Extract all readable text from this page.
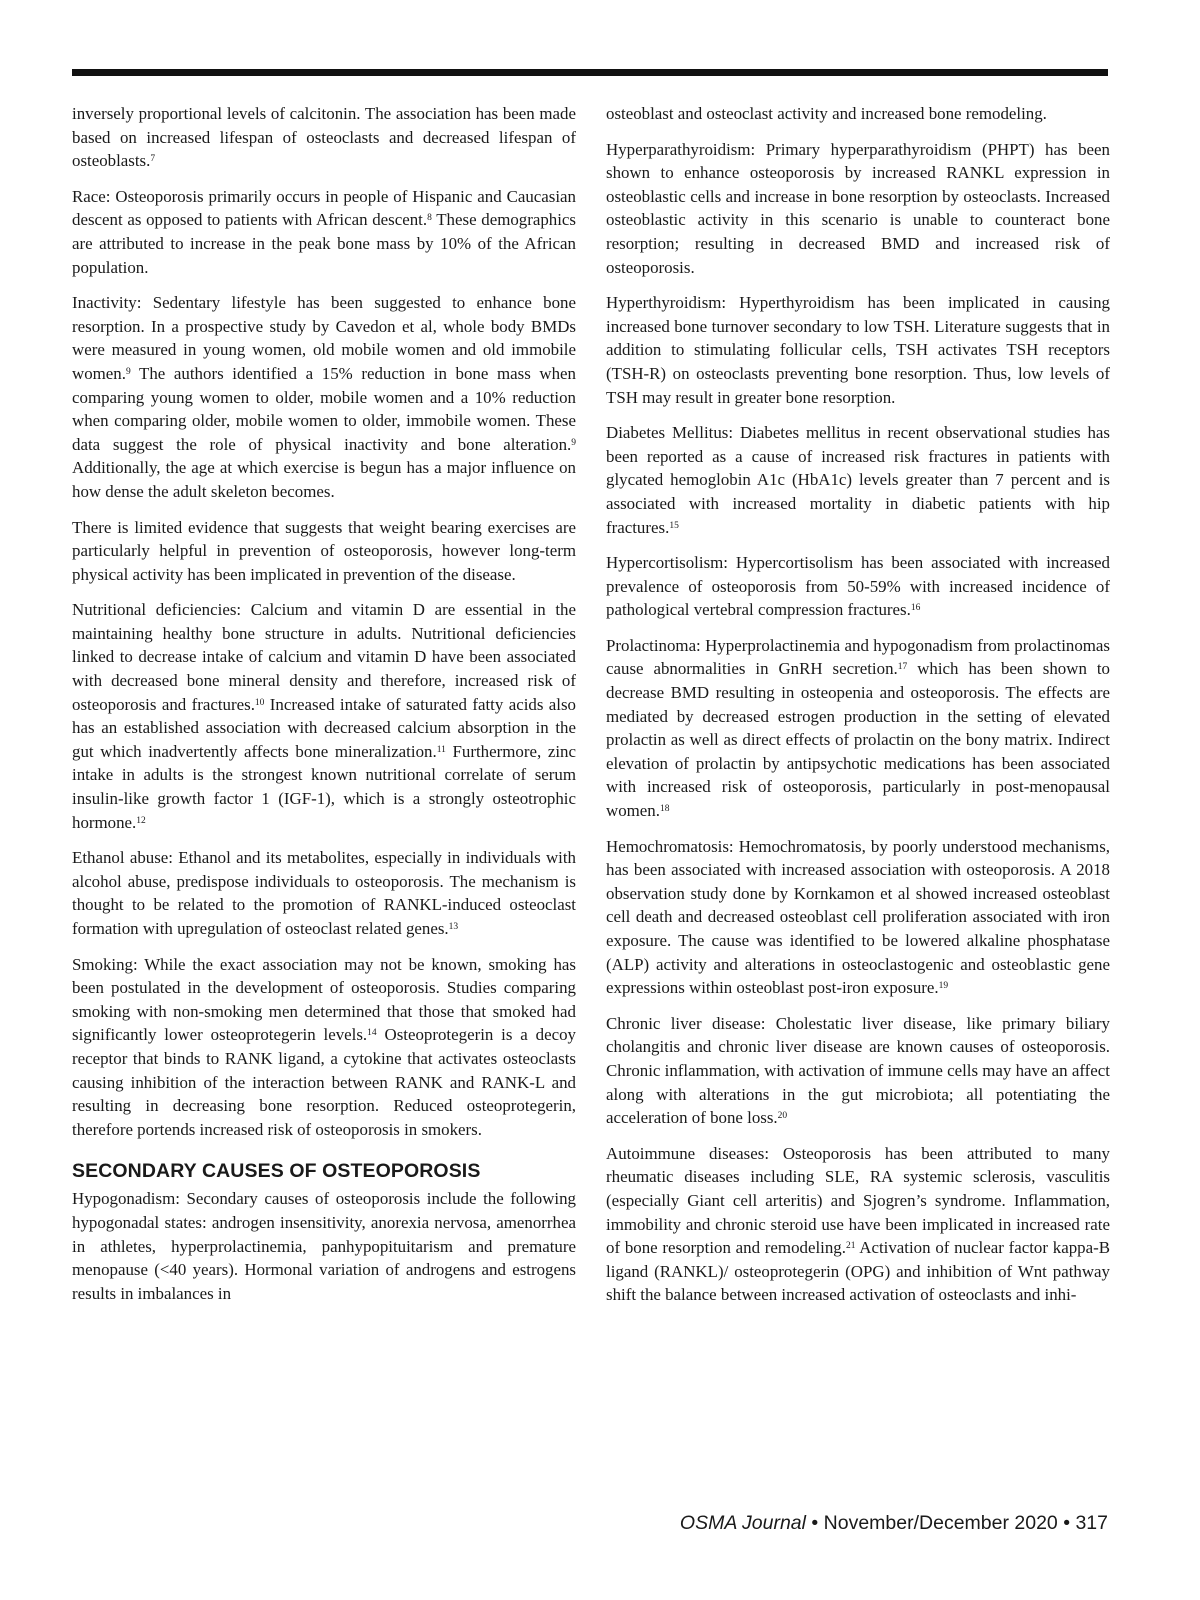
inversely proportional levels of calcitonin. The association has been made based on increased lifespan of osteoclasts and decreased lifespan of osteoblasts.$^7$

Race: Osteoporosis primarily occurs in people of Hispanic and Caucasian descent as opposed to patients with African descent.$^8$ These demographics are attributed to increase in the peak bone mass by 10% of the African population.

Inactivity: Sedentary lifestyle has been suggested to enhance bone resorption. In a prospective study by Cavedon et al, whole body BMDs were measured in young women, old mobile women and old immobile women.$^9$ The authors identified a 15% reduction in bone mass when comparing young women to older, mobile women and a 10% reduction when comparing older, mobile women to older, immobile women. These data suggest the role of physical inactivity and bone alteration.$^9$ Additionally, the age at which exercise is begun has a major influence on how dense the adult skeleton becomes.

There is limited evidence that suggests that weight bearing exercises are particularly helpful in prevention of osteoporosis, however long-term physical activity has been implicated in prevention of the disease.

Nutritional deficiencies: Calcium and vitamin D are essential in the maintaining healthy bone structure in adults. Nutritional deficiencies linked to decrease intake of calcium and vitamin D have been associated with decreased bone mineral density and therefore, increased risk of osteoporosis and fractures.$^{10}$ Increased intake of saturated fatty acids also has an established association with decreased calcium absorption in the gut which inadvertently affects bone mineralization.$^{11}$ Furthermore, zinc intake in adults is the strongest known nutritional correlate of serum insulin-like growth factor 1 (IGF-1), which is a strongly osteotrophic hormone.$^{12}$

Ethanol abuse: Ethanol and its metabolites, especially in individuals with alcohol abuse, predispose individuals to osteoporosis. The mechanism is thought to be related to the promotion of RANKL-induced osteoclast formation with upregulation of osteoclast related genes.$^{13}$

Smoking: While the exact association may not be known, smoking has been postulated in the development of osteoporosis. Studies comparing smoking with non-smoking men determined that those that smoked had significantly lower osteoprotegerin levels.$^{14}$ Osteoprotegerin is a decoy receptor that binds to RANK ligand, a cytokine that activates osteoclasts causing inhibition of the interaction between RANK and RANK-L and resulting in decreasing bone resorption. Reduced osteoprotegerin, therefore portends increased risk of osteoporosis in smokers.

SECONDARY CAUSES OF OSTEOPOROSIS

Hypogonadism: Secondary causes of osteoporosis include the following hypogonadal states: androgen insensitivity, anorexia nervosa, amenorrhea in athletes, hyperprolactinemia, panhypopituitarism and premature menopause (<40 years). Hormonal variation of androgens and estrogens results in imbalances in

osteoblast and osteoclast activity and increased bone remodeling.

Hyperparathyroidism: Primary hyperparathyroidism (PHPT) has been shown to enhance osteoporosis by increased RANKL expression in osteoblastic cells and increase in bone resorption by osteoclasts. Increased osteoblastic activity in this scenario is unable to counteract bone resorption; resulting in decreased BMD and increased risk of osteoporosis.

Hyperthyroidism: Hyperthyroidism has been implicated in causing increased bone turnover secondary to low TSH. Literature suggests that in addition to stimulating follicular cells, TSH activates TSH receptors (TSH-R) on osteoclasts preventing bone resorption. Thus, low levels of TSH may result in greater bone resorption.

Diabetes Mellitus: Diabetes mellitus in recent observational studies has been reported as a cause of increased risk fractures in patients with glycated hemoglobin A1c (HbA1c) levels greater than 7 percent and is associated with increased mortality in diabetic patients with hip fractures.$^{15}$

Hypercortisolism: Hypercortisolism has been associated with increased prevalence of osteoporosis from 50-59% with increased incidence of pathological vertebral compression fractures.$^{16}$

Prolactinoma: Hyperprolactinemia and hypogonadism from prolactinomas cause abnormalities in GnRH secretion.$^{17}$ which has been shown to decrease BMD resulting in osteopenia and osteoporosis. The effects are mediated by decreased estrogen production in the setting of elevated prolactin as well as direct effects of prolactin on the bony matrix. Indirect elevation of prolactin by antipsychotic medications has been associated with increased risk of osteoporosis, particularly in post-menopausal women.$^{18}$

Hemochromatosis: Hemochromatosis, by poorly understood mechanisms, has been associated with increased association with osteoporosis. A 2018 observation study done by Kornkamon et al showed increased osteoblast cell death and decreased osteoblast cell proliferation associated with iron exposure. The cause was identified to be lowered alkaline phosphatase (ALP) activity and alterations in osteoclastogenic and osteoblastic gene expressions within osteoblast post-iron exposure.$^{19}$

Chronic liver disease: Cholestatic liver disease, like primary biliary cholangitis and chronic liver disease are known causes of osteoporosis. Chronic inflammation, with activation of immune cells may have an affect along with alterations in the gut microbiota; all potentiating the acceleration of bone loss.$^{20}$

Autoimmune diseases: Osteoporosis has been attributed to many rheumatic diseases including SLE, RA systemic sclerosis, vasculitis (especially Giant cell arteritis) and Sjogren’s syndrome. Inflammation, immobility and chronic steroid use have been implicated in increased rate of bone resorption and remodeling.$^{21}$ Activation of nuclear factor kappa-B ligand (RANKL)/ osteoprotegerin (OPG) and inhibition of Wnt pathway shift the balance between increased activation of osteoclasts and inhi-

OSMA Journal • November/December 2020 • 317
